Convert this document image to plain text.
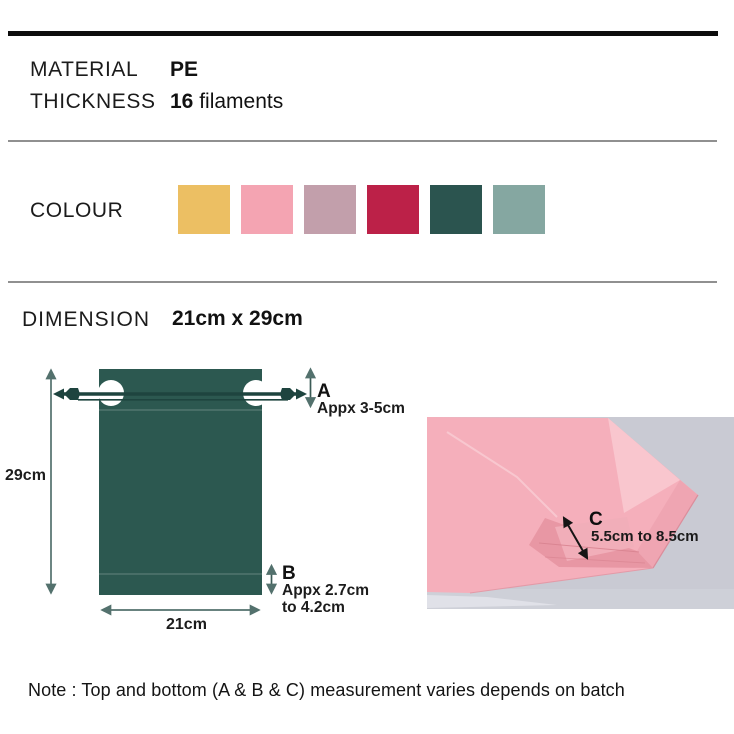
MATERIAL PE
THICKNESS 16 filaments
COLOUR
DIMENSION 21cm x 29cm
29cm
21cm
A
Appx 3-5cm
B
Appx 2.7cm
to 4.2cm
C
5.5cm to 8.5cm
Note : Top and bottom (A & B & C) measurement varies depends on batch
